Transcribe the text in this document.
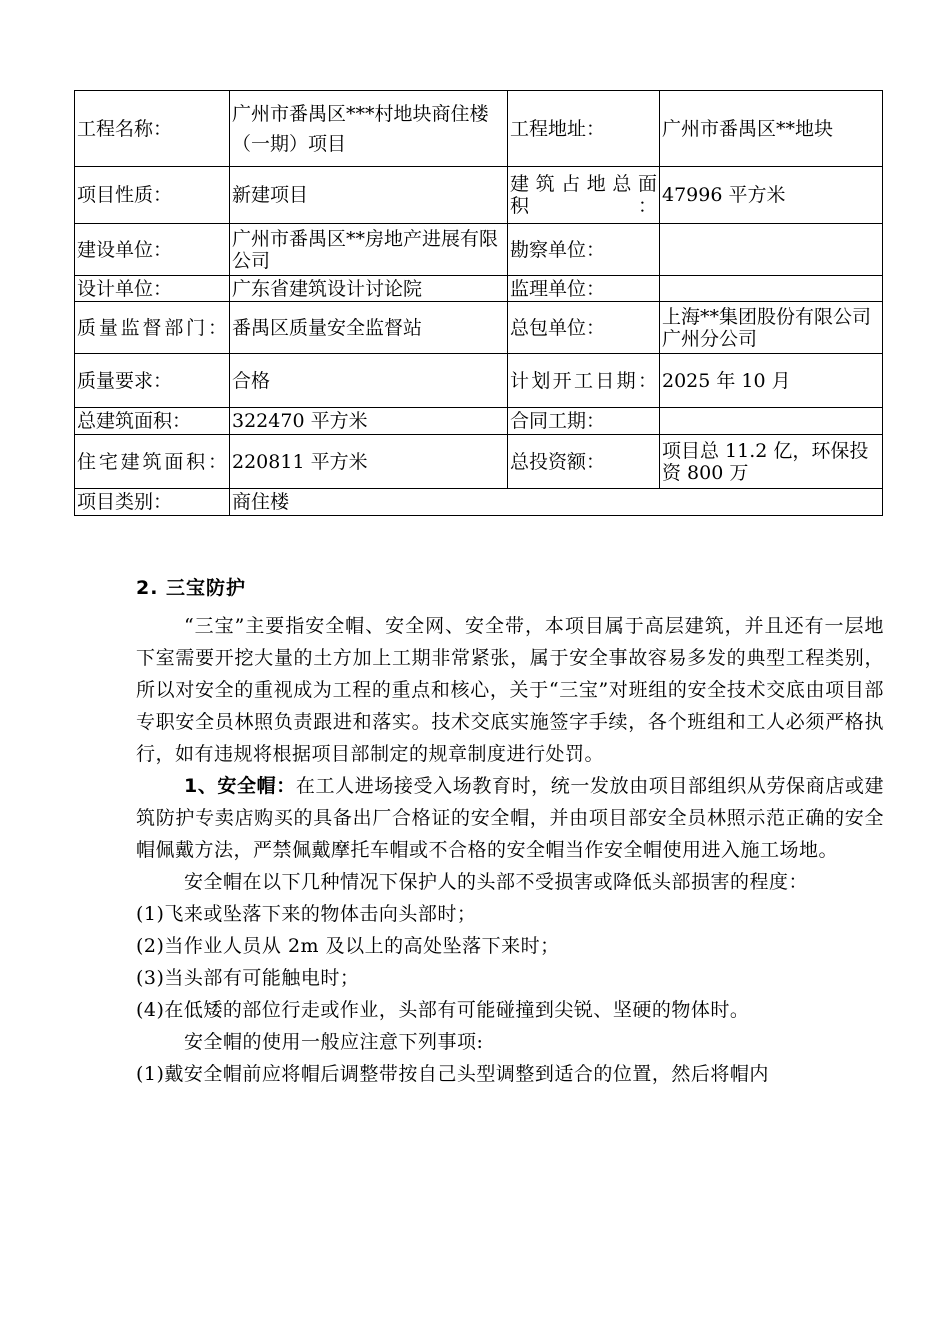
工程名称：	广州市番禺区***村地块商住楼（一期）项目	工程地址：	广州市番禺区**地块
项目性质：	新建项目	建筑占地总面积：	47996 平方米
建设单位：	广州市番禺区**房地产进展有限公司	勘察单位：	
设计单位：	广东省建筑设计讨论院	监理单位：	
质量监督部门：	番禺区质量安全监督站	总包单位：	上海**集团股份有限公司广州分公司
质量要求：	合格	计划开工日期：	2025 年 10 月
总建筑面积：	322470 平方米	合同工期：	
住宅建筑面积：	220811 平方米	总投资额：	项目总 11.2 亿，环保投资 800 万
项目类别：	商住楼		
2. 三宝防护

“三宝”主要指安全帽、安全网、安全带，本项目属于高层建筑，并且还有一层地下室需要开挖大量的土方加上工期非常紧张，属于安全事故容易多发的典型工程类别，所以对安全的重视成为工程的重点和核心，关于“三宝”对班组的安全技术交底由项目部专职安全员林照负责跟进和落实。技术交底实施签字手续，各个班组和工人必须严格执行，如有违规将根据项目部制定的规章制度进行处罚。

1、安全帽：在工人进场接受入场教育时，统一发放由项目部组织从劳保商店或建筑防护专卖店购买的具备出厂合格证的安全帽，并由项目部安全员林照示范正确的安全帽佩戴方法，严禁佩戴摩托车帽或不合格的安全帽当作安全帽使用进入施工场地。

安全帽在以下几种情况下保护人的头部不受损害或降低头部损害的程度：

(1)飞来或坠落下来的物体击向头部时；

(2)当作业人员从 2m 及以上的高处坠落下来时；

(3)当头部有可能触电时；

(4)在低矮的部位行走或作业，头部有可能碰撞到尖锐、坚硬的物体时。

安全帽的使用一般应注意下列事项:

(1)戴安全帽前应将帽后调整带按自己头型调整到适合的位置，然后将帽内
